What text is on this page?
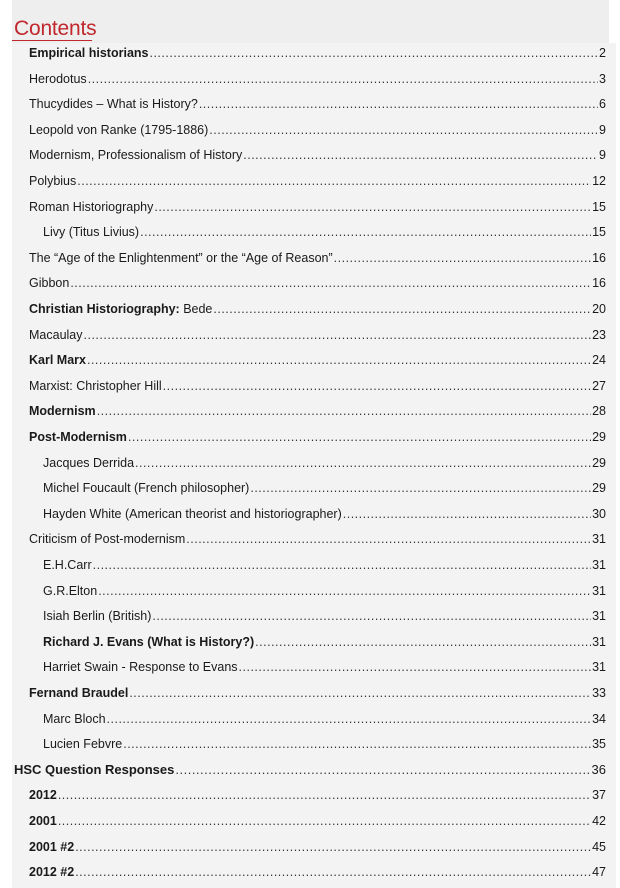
Contents
Empirical historians .....	2
Herodotus .....	3
Thucydides – What is History? .....	6
Leopold von Ranke (1795-1886) .....	9
Modernism, Professionalism of History .....	9
Polybius .....	12
Roman Historiography .....	15
Livy (Titus Livius) .....	15
The “Age of the Enlightenment” or the “Age of Reason” .....	16
Gibbon .....	16
Christian Historiography: Bede .....	20
Macaulay .....	23
Karl Marx .....	24
Marxist: Christopher Hill .....	27
Modernism .....	28
Post-Modernism .....	29
Jacques Derrida .....	29
Michel Foucault (French philosopher) .....	29
Hayden White (American theorist and historiographer) .....	30
Criticism of Post-modernism .....	31
E.H.Carr .....	31
G.R.Elton .....	31
Isiah Berlin (British) .....	31
Richard J. Evans (What is History?) .....	31
Harriet Swain - Response to Evans .....	31
Fernand Braudel .....	33
Marc Bloch .....	34
Lucien Febvre .....	35
HSC Question Responses .....	36
2012 .....	37
2001 .....	42
2001 #2 .....	45
2012 #2 .....	47
